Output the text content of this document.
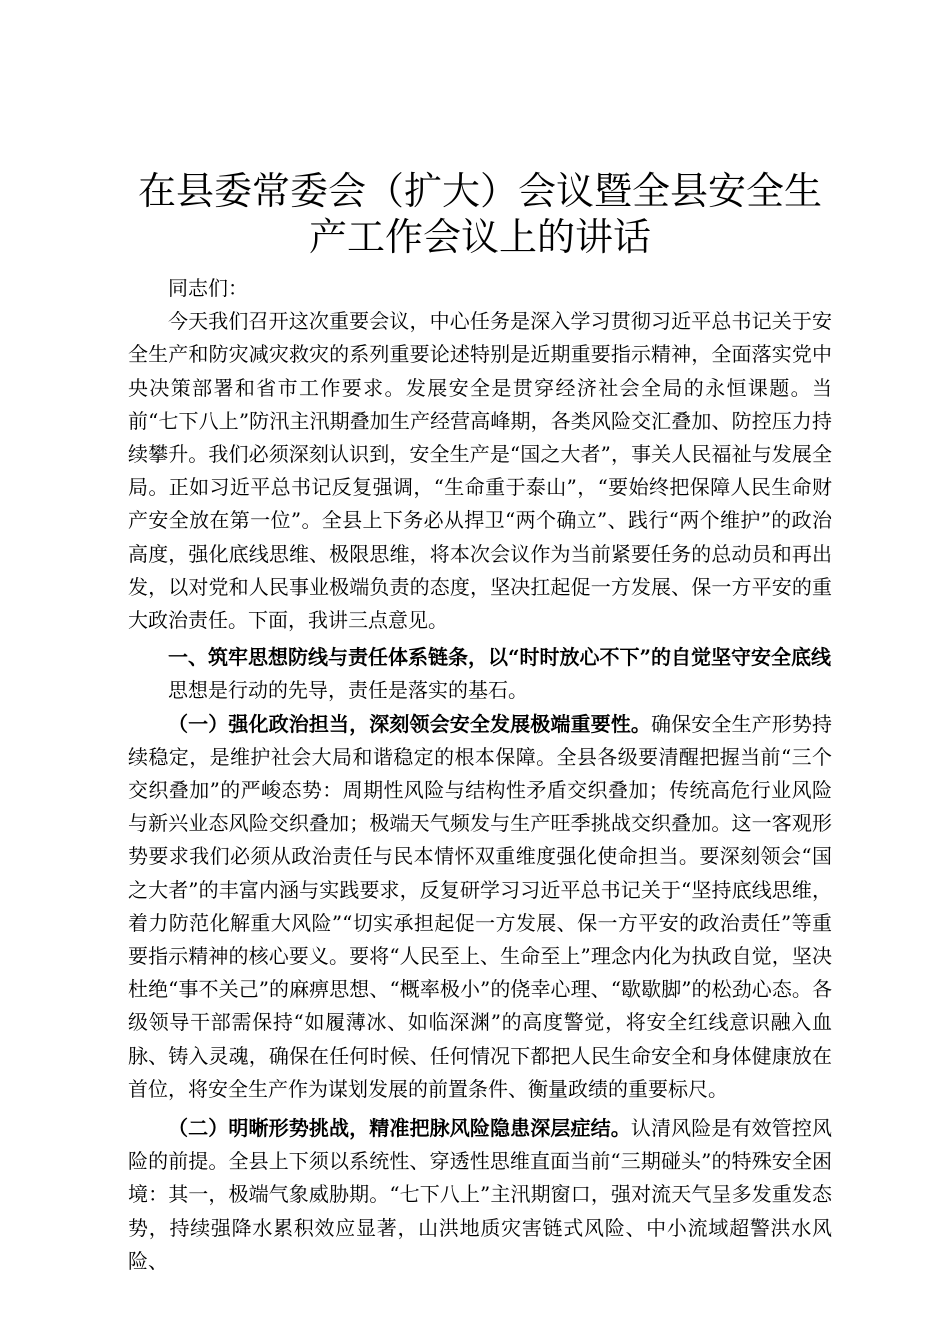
在县委常委会（扩大）会议暨全县安全生产工作会议上的讲话

同志们：

今天我们召开这次重要会议，中心任务是深入学习贯彻习近平总书记关于安全生产和防灾减灾救灾的系列重要论述特别是近期重要指示精神，全面落实党中央决策部署和省市工作要求。发展安全是贯穿经济社会全局的永恒课题。当前“七下八上”防汛主汛期叠加生产经营高峰期，各类风险交汇叠加、防控压力持续攀升。我们必须深刻认识到，安全生产是“国之大者”，事关人民福祉与发展全局。正如习近平总书记反复强调，“生命重于泰山”，“要始终把保障人民生命财产安全放在第一位”。全县上下务必从捍卫“两个确立”、践行“两个维护”的政治高度，强化底线思维、极限思维，将本次会议作为当前紧要任务的总动员和再出发，以对党和人民事业极端负责的态度，坚决扛起促一方发展、保一方平安的重大政治责任。下面，我讲三点意见。

一、筑牢思想防线与责任体系链条，以“时时放心不下”的自觉坚守安全底线

思想是行动的先导，责任是落实的基石。

（一）强化政治担当，深刻领会安全发展极端重要性。确保安全生产形势持续稳定，是维护社会大局和谐稳定的根本保障。全县各级要清醒把握当前“三个交织叠加”的严峻态势：周期性风险与结构性矛盾交织叠加；传统高危行业风险与新兴业态风险交织叠加；极端天气频发与生产旺季挑战交织叠加。这一客观形势要求我们必须从政治责任与民本情怀双重维度强化使命担当。要深刻领会“国之大者”的丰富内涵与实践要求，反复研学习习近平总书记关于“坚持底线思维，着力防范化解重大风险”“切实承担起促一方发展、保一方平安的政治责任”等重要指示精神的核心要义。要将“人民至上、生命至上”理念内化为执政自觉，坚决杜绝“事不关己”的麻痹思想、“概率极小”的侥幸心理、“歇歇脚”的松劲心态。各级领导干部需保持“如履薄冰、如临深渊”的高度警觉，将安全红线意识融入血脉、铸入灵魂，确保在任何时候、任何情况下都把人民生命安全和身体健康放在首位，将安全生产作为谋划发展的前置条件、衡量政绩的重要标尺。

（二）明晰形势挑战，精准把脉风险隐患深层症结。认清风险是有效管控风险的前提。全县上下须以系统性、穿透性思维直面当前“三期碰头”的特殊安全困境：其一，极端气象威胁期。“七下八上”主汛期窗口，强对流天气呈多发重发态势，持续强降水累积效应显著，山洪地质灾害链式风险、中小流域超警洪水风险、
